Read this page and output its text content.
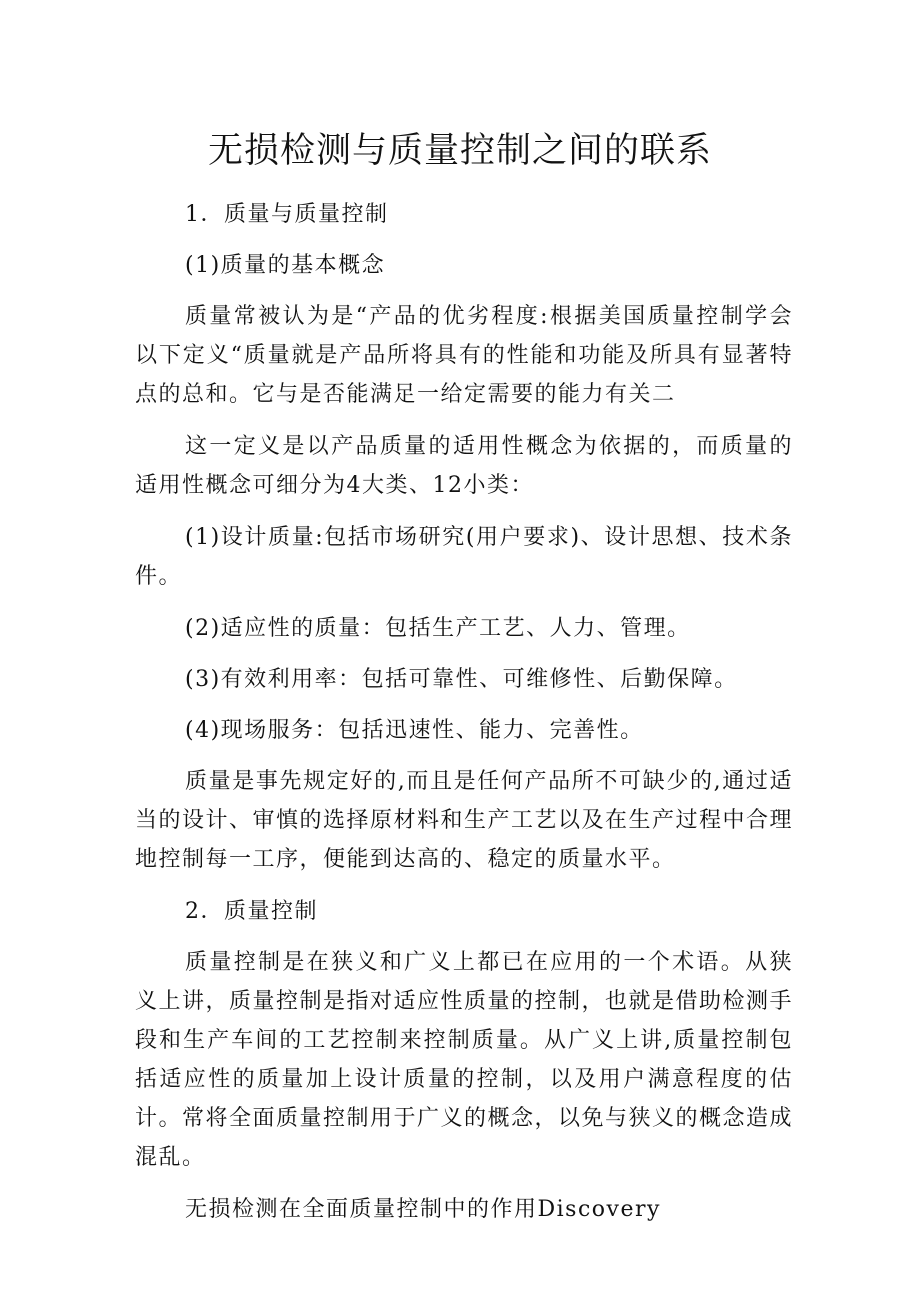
无损检测与质量控制之间的联系

1．质量与质量控制

(1)质量的基本概念

质量常被认为是“产品的优劣程度:根据美国质量控制学会以下定义“质量就是产品所将具有的性能和功能及所具有显著特点的总和。它与是否能满足一给定需要的能力有关二

这一定义是以产品质量的适用性概念为依据的，而质量的适用性概念可细分为4大类、12小类：

(1)设计质量:包括市场研究(用户要求)、设计思想、技术条件。

(2)适应性的质量：包括生产工艺、人力、管理。

(3)有效利用率：包括可靠性、可维修性、后勤保障。

(4)现场服务：包括迅速性、能力、完善性。

质量是事先规定好的,而且是任何产品所不可缺少的,通过适当的设计、审慎的选择原材料和生产工艺以及在生产过程中合理地控制每一工序，便能到达高的、稳定的质量水平。

2．质量控制

质量控制是在狭义和广义上都已在应用的一个术语。从狭义上讲，质量控制是指对适应性质量的控制，也就是借助检测手段和生产车间的工艺控制来控制质量。从广义上讲,质量控制包括适应性的质量加上设计质量的控制，以及用户满意程度的估计。常将全面质量控制用于广义的概念，以免与狭义的概念造成混乱。

无损检测在全面质量控制中的作用Discovery
